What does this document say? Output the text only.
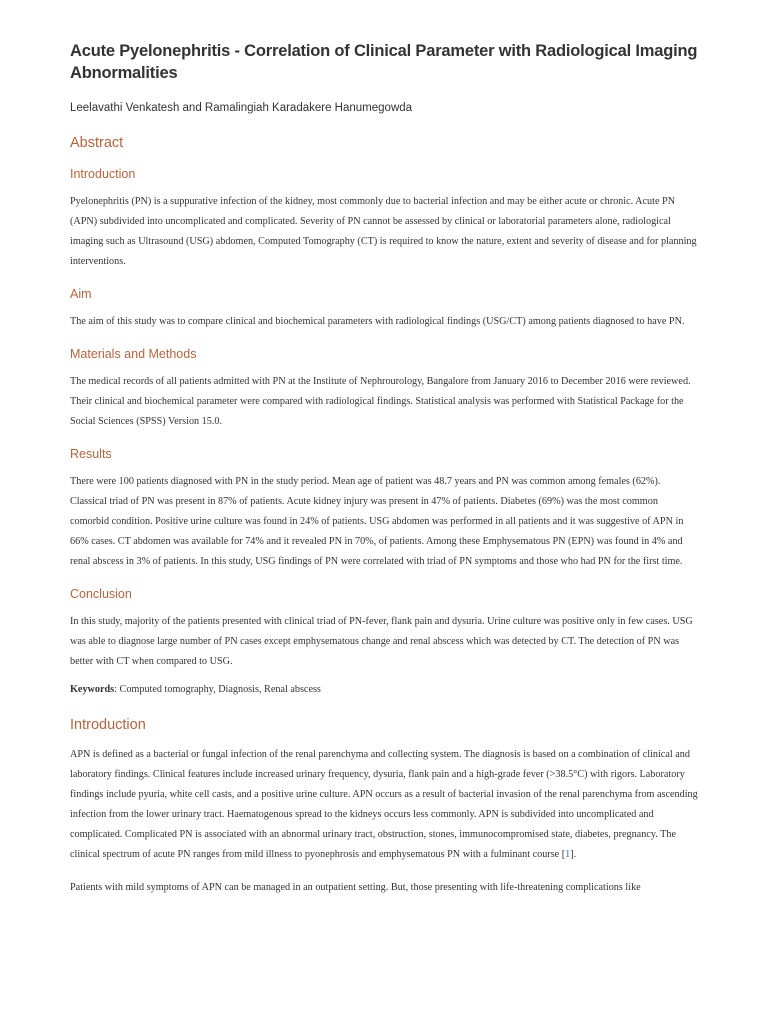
Acute Pyelonephritis - Correlation of Clinical Parameter with Radiological Imaging Abnormalities
Leelavathi Venkatesh and Ramalingiah Karadakere Hanumegowda
Abstract
Introduction

Pyelonephritis (PN) is a suppurative infection of the kidney, most commonly due to bacterial infection and may be either acute or chronic. Acute PN (APN) subdivided into uncomplicated and complicated. Severity of PN cannot be assessed by clinical or laboratorial parameters alone, radiological imaging such as Ultrasound (USG) abdomen, Computed Tomography (CT) is required to know the nature, extent and severity of disease and for planning interventions.

Aim

The aim of this study was to compare clinical and biochemical parameters with radiological findings (USG/CT) among patients diagnosed to have PN.

Materials and Methods

The medical records of all patients admitted with PN at the Institute of Nephrourology, Bangalore from January 2016 to December 2016 were reviewed. Their clinical and biochemical parameter were compared with radiological findings. Statistical analysis was performed with Statistical Package for the Social Sciences (SPSS) Version 15.0.

Results

There were 100 patients diagnosed with PN in the study period. Mean age of patient was 48.7 years and PN was common among females (62%). Classical triad of PN was present in 87% of patients. Acute kidney injury was present in 47% of patients. Diabetes (69%) was the most common comorbid condition. Positive urine culture was found in 24% of patients. USG abdomen was performed in all patients and it was suggestive of APN in 66% cases. CT abdomen was available for 74% and it revealed PN in 70%, of patients. Among these Emphysematous PN (EPN) was found in 4% and renal abscess in 3% of patients. In this study, USG findings of PN were correlated with triad of PN symptoms and those who had PN for the first time.

Conclusion

In this study, majority of the patients presented with clinical triad of PN-fever, flank pain and dysuria. Urine culture was positive only in few cases. USG was able to diagnose large number of PN cases except emphysematous change and renal abscess which was detected by CT. The detection of PN was better with CT when compared to USG.

Keywords: Computed tomography, Diagnosis, Renal abscess
Introduction

APN is defined as a bacterial or fungal infection of the renal parenchyma and collecting system. The diagnosis is based on a combination of clinical and laboratory findings. Clinical features include increased urinary frequency, dysuria, flank pain and a high-grade fever (>38.5°C) with rigors. Laboratory findings include pyuria, white cell casts, and a positive urine culture. APN occurs as a result of bacterial invasion of the renal parenchyma from ascending infection from the lower urinary tract. Haematogenous spread to the kidneys occurs less commonly. APN is subdivided into uncomplicated and complicated. Complicated PN is associated with an abnormal urinary tract, obstruction, stones, immunocompromised state, diabetes, pregnancy. The clinical spectrum of acute PN ranges from mild illness to pyonephrosis and emphysematous PN with a fulminant course [1].

Patients with mild symptoms of APN can be managed in an outpatient setting. But, those presenting with life-threatening complications like
